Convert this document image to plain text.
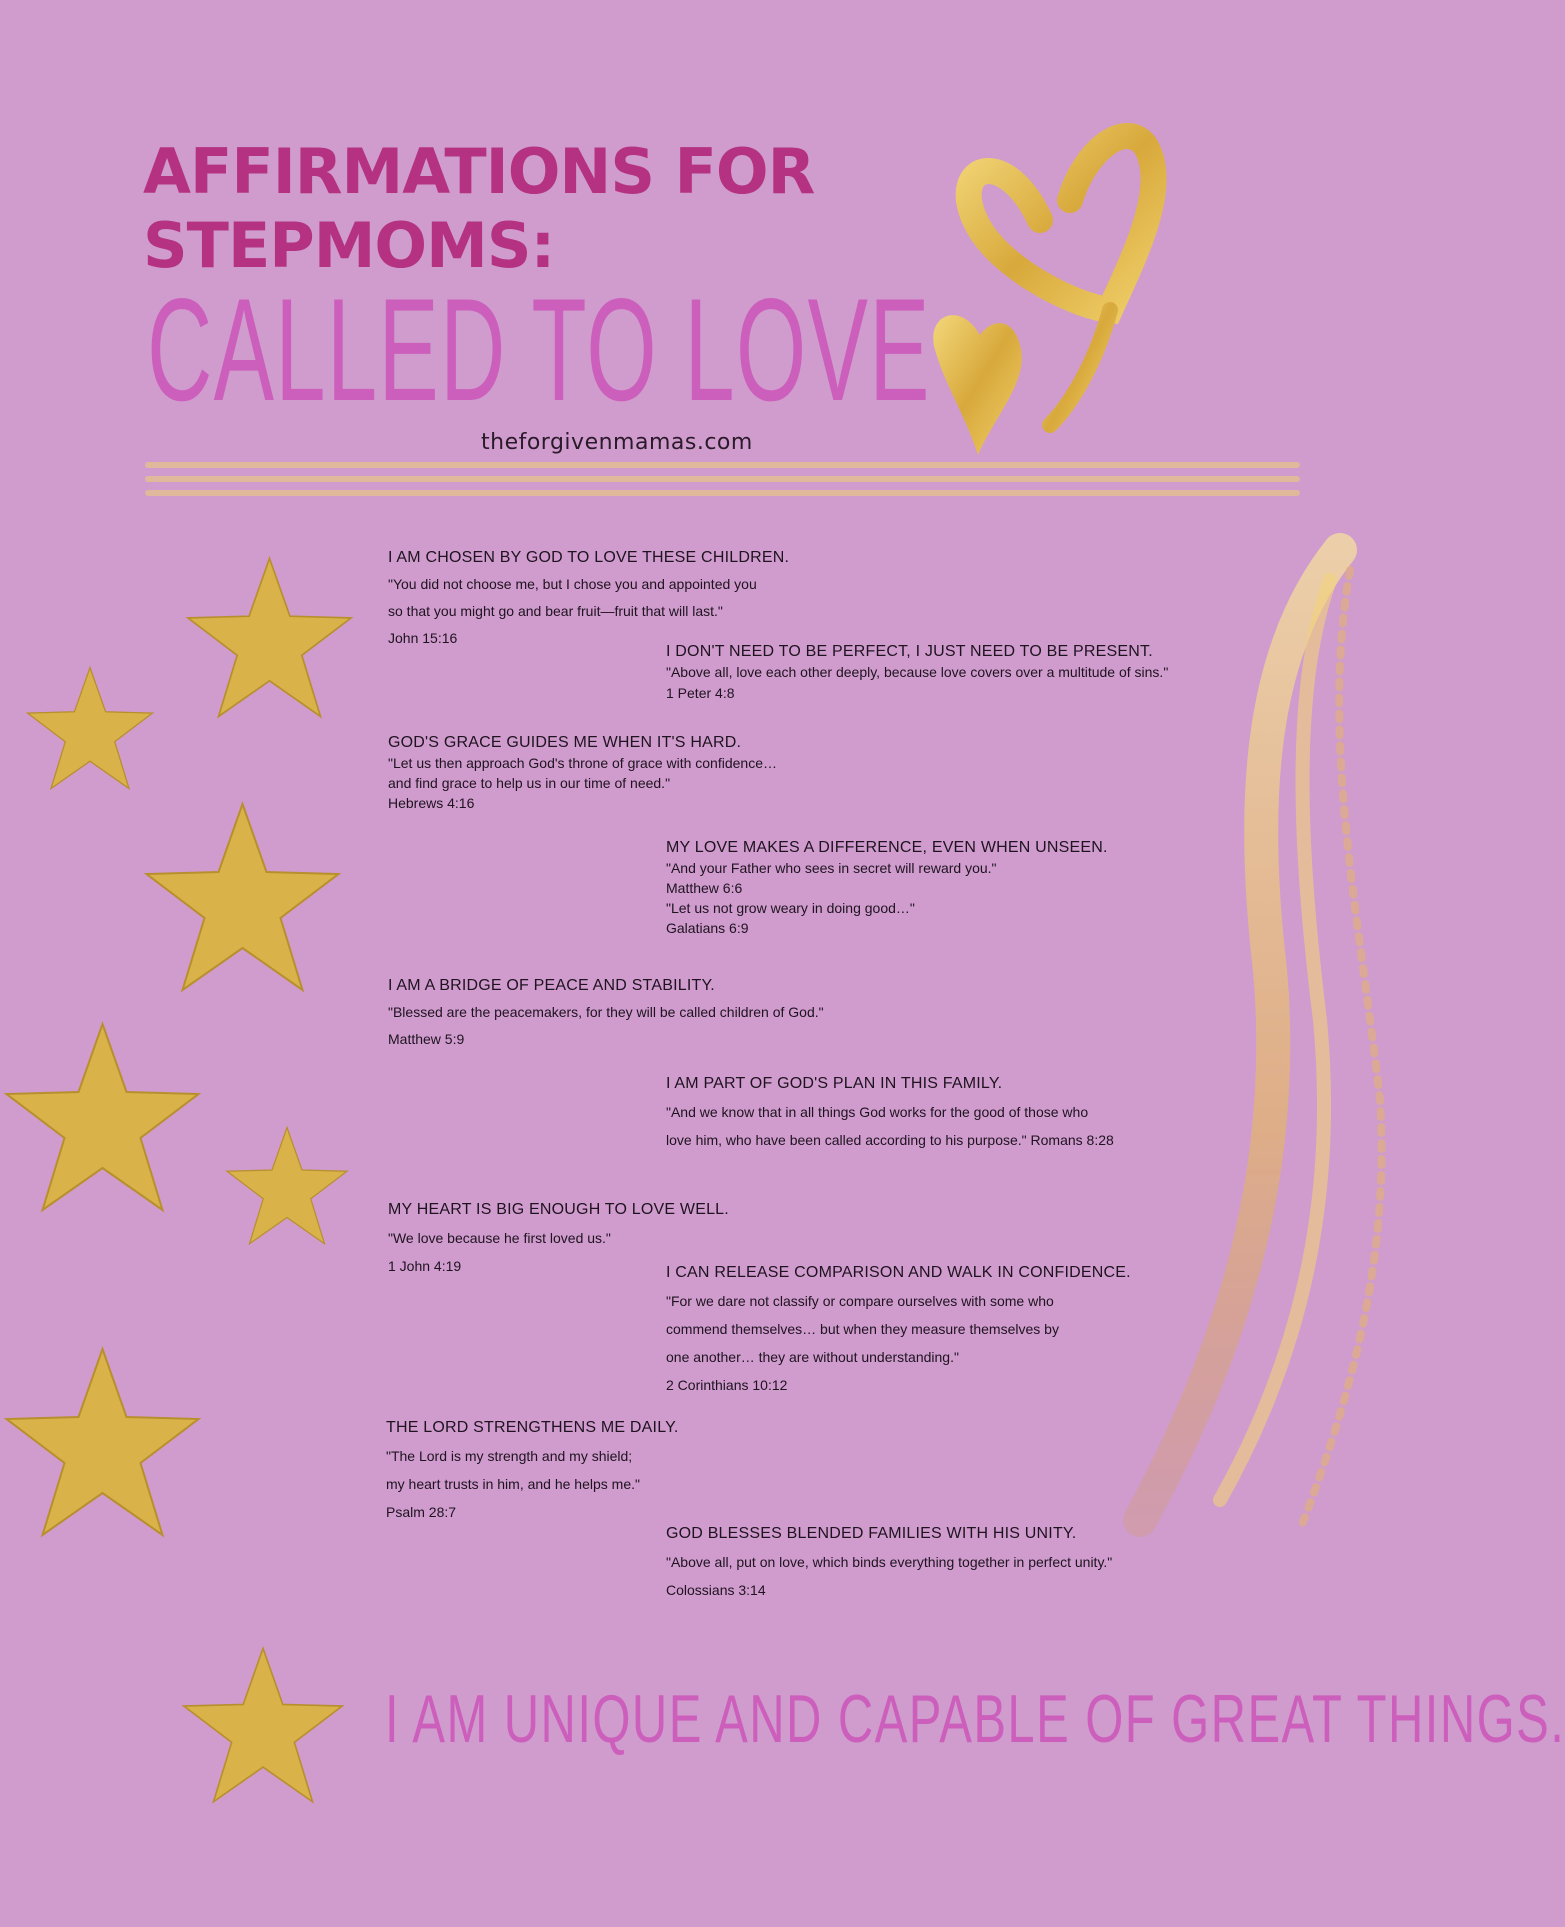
AFFIRMATIONS FOR
STEPMOMS:
CALLED TO LOVE
theforgivenmamas.com
I AM CHOSEN BY GOD TO LOVE THESE CHILDREN.
"You did not choose me, but I chose you and appointed you
so that you might go and bear fruit—fruit that will last."
John 15:16
I DON'T NEED TO BE PERFECT, I JUST NEED TO BE PRESENT.
"Above all, love each other deeply, because love covers over a multitude of sins."
1 Peter 4:8
GOD'S GRACE GUIDES ME WHEN IT'S HARD.
"Let us then approach God's throne of grace with confidence…
and find grace to help us in our time of need."
Hebrews 4:16
MY LOVE MAKES A DIFFERENCE, EVEN WHEN UNSEEN.
"And your Father who sees in secret will reward you."
Matthew 6:6
"Let us not grow weary in doing good…"
Galatians 6:9
I AM A BRIDGE OF PEACE AND STABILITY.
"Blessed are the peacemakers, for they will be called children of God."
Matthew 5:9
I AM PART OF GOD'S PLAN IN THIS FAMILY.
"And we know that in all things God works for the good of those who
love him, who have been called according to his purpose." Romans 8:28
MY HEART IS BIG ENOUGH TO LOVE WELL.
"We love because he first loved us."
1 John 4:19	I CAN RELEASE COMPARISON AND WALK IN CONFIDENCE.
"For we dare not classify or compare ourselves with some who
commend themselves… but when they measure themselves by
one another… they are without understanding."
2 Corinthians 10:12
THE LORD STRENGTHENS ME DAILY.
"The Lord is my strength and my shield;
my heart trusts in him, and he helps me."
Psalm 28:7
GOD BLESSES BLENDED FAMILIES WITH HIS UNITY.
"Above all, put on love, which binds everything together in perfect unity."
Colossians 3:14
I AM UNIQUE AND CAPABLE OF GREAT THINGS.
